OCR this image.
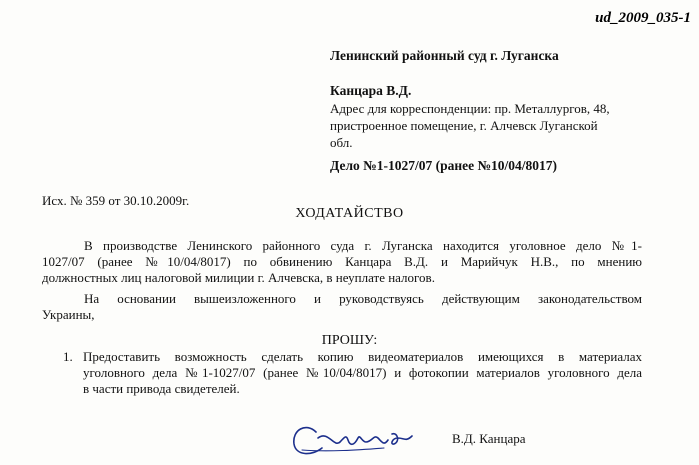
ud_2009_035-1
Ленинский районный суд г. Луганска
Канцара В.Д.
Адрес для корреспонденции: пр. Металлургов, 48,
пристроенное помещение, г. Алчевск Луганской
обл.
Дело №1-1027/07 (ранее №10/04/8017)
Исх. № 359 от 30.10.2009г.
ХОДАТАЙСТВО
В производстве Ленинского районного суда г. Луганска находится уголовное дело №1-
1027/07 (ранее №10/04/8017) по обвинению Канцара В.Д. и Марийчук Н.В., по мнению
должностных лиц налоговой милиции г. Алчевска, в неуплате налогов.
На основании вышеизложенного и руководствуясь действующим законодательством
Украины,
ПРОШУ:
1. Предоставить возможность сделать копию видеоматериалов имеющихся в материалах
уголовного дела №1-1027/07 (ранее №10/04/8017) и фотокопии материалов уголовного дела
в части привода свидетелей.
В.Д. Канцара
